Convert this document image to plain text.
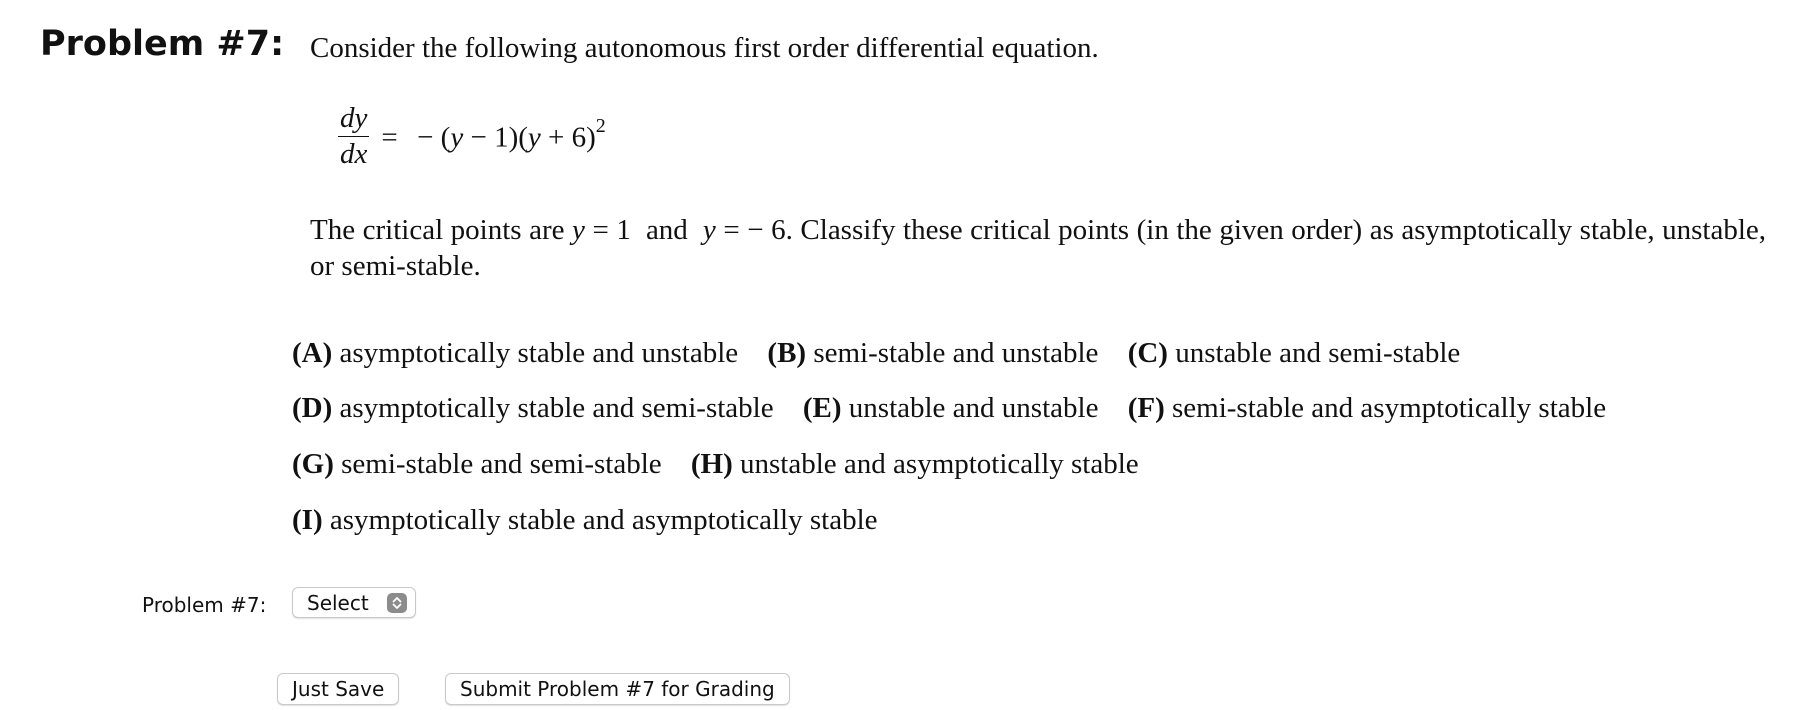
Problem #7: Consider the following autonomous first order differential equation.
$\frac{dy}{dx}$ =   − $(y - 1)(y + 6)^2$
The critical points are y = 1  and  y = − 6. Classify these critical points (in the given order) as asymptotically stable, unstable, or semi-stable.
(A) asymptotically stable and unstable (B) semi-stable and unstable (C) unstable and semi-stable
(D) asymptotically stable and semi-stable (E) unstable and unstable (F) semi-stable and asymptotically stable
(G) semi-stable and semi-stable (H) unstable and asymptotically stable
(I) asymptotically stable and asymptotically stable
Problem #7: Select
Just Save	Submit Problem #7 for Grading
